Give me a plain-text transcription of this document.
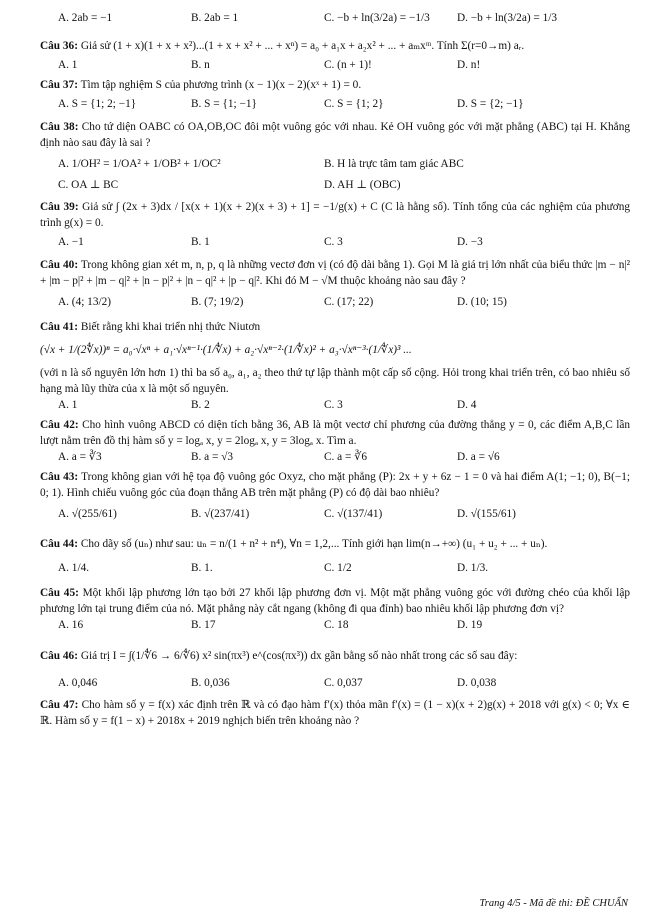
A. 2ab = −1	B. 2ab = 1	C. −b + ln(3/2a) = −1/3	D. −b + ln(3/2a) = 1/3

Câu 36: Giả sử (1 + x)(1 + x + x²)...(1 + x + x² + ... + xⁿ) = a₀ + a₁x + a₂x² + ... + aₘxᵐ. Tính Σ(r=0→m) aᵣ.

A. 1	B. n	C. (n + 1)!	D. n!

Câu 37: Tìm tập nghiệm S của phương trình (x − 1)(x − 2)(xˣ + 1) = 0.

A. S = {1; 2; −1}	B. S = {1; −1}	C. S = {1; 2}	D. S = {2; −1}

Câu 38: Cho tứ diện OABC có OA,OB,OC đôi một vuông góc với nhau. Kẻ OH vuông góc với mặt phẳng (ABC) tại H. Khẳng định nào sau đây là sai ?

A. 1/OH² = 1/OA² + 1/OB² + 1/OC²	B. H là trực tâm tam giác ABC
C. OA ⊥ BC	D. AH ⊥ (OBC)

Câu 39: Giả sử ∫ (2x + 3)dx / [x(x + 1)(x + 2)(x + 3) + 1] = −1/g(x) + C (C là hằng số). Tính tổng của các nghiệm của phương trình g(x) = 0.

A. −1	B. 1	C. 3	D. −3

Câu 40: Trong không gian xét m, n, p, q là những vectơ đơn vị (có độ dài bằng 1). Gọi M là giá trị lớn nhất của biểu thức |m − n|² + |m − p|² + |m − q|² + |n − p|² + |n − q|² + |p − q|². Khi đó M − √M thuộc khoảng nào sau đây ?

A. (4; 13/2)	B. (7; 19/2)	C. (17; 22)	D. (10; 15)

Câu 41: Biết rằng khi khai triển nhị thức Niutơn

(√x + 1/(2∜x))ⁿ = a₀·√xⁿ + a₁·√xⁿ⁻¹·(1/∜x) + a₂·√xⁿ⁻²·(1/∜x)² + a₃·√xⁿ⁻³·(1/∜x)³ ...

(với n là số nguyên lớn hơn 1) thì ba số a₀, a₁, a₂ theo thứ tự lập thành một cấp số cộng. Hỏi trong khai triển trên, có bao nhiêu số hạng mà lũy thừa của x là một số nguyên.

A. 1	B. 2	C. 3	D. 4

Câu 42: Cho hình vuông ABCD có diện tích bằng 36, AB là một vectơ chỉ phương của đường thẳng y = 0, các điểm A,B,C lần lượt nằm trên đồ thị hàm số y = logₐ x, y = 2logₐ x, y = 3logₐ x. Tìm a.

A. a = ∛3	B. a = √3	C. a = ∛6	D. a = √6

Câu 43: Trong không gian với hệ tọa độ vuông góc Oxyz, cho mặt phẳng (P): 2x + y + 6z − 1 = 0 và hai điểm A(1; −1; 0), B(−1; 0; 1). Hình chiếu vuông góc của đoạn thẳng AB trên mặt phẳng (P) có độ dài bao nhiêu?

A. √(255/61)	B. √(237/41)	C. √(137/41)	D. √(155/61)

Câu 44: Cho dãy số (uₙ) như sau: uₙ = n/(1 + n² + n⁴), ∀n = 1,2,... Tính giới hạn lim(n→+∞) (u₁ + u₂ + ... + uₙ).

A. 1/4.	B. 1.	C. 1/2	D. 1/3.

Câu 45: Một khối lập phương lớn tạo bởi 27 khối lập phương đơn vị. Một mặt phẳng vuông góc với đường chéo của khối lập phương lớn tại trung điểm của nó. Mặt phẳng này cắt ngang (không đi qua đỉnh) bao nhiêu khối lập phương đơn vị?

A. 16	B. 17	C. 18	D. 19

Câu 46: Giá trị I = ∫(1/∜6 → 6/∜6) x² sin(πx³) e^(cos(πx³)) dx gần bằng số nào nhất trong các số sau đây:

A. 0,046	B. 0,036	C. 0,037	D. 0,038

Câu 47: Cho hàm số y = f(x) xác định trên ℝ và có đạo hàm f′(x) thỏa mãn f′(x) = (1 − x)(x + 2)g(x) + 2018 với g(x) < 0; ∀x ∈ ℝ. Hàm số y = f(1 − x) + 2018x + 2019 nghịch biến trên khoảng nào ?

Trang 4/5 - Mã đề thi: ĐỀ CHUẨN
